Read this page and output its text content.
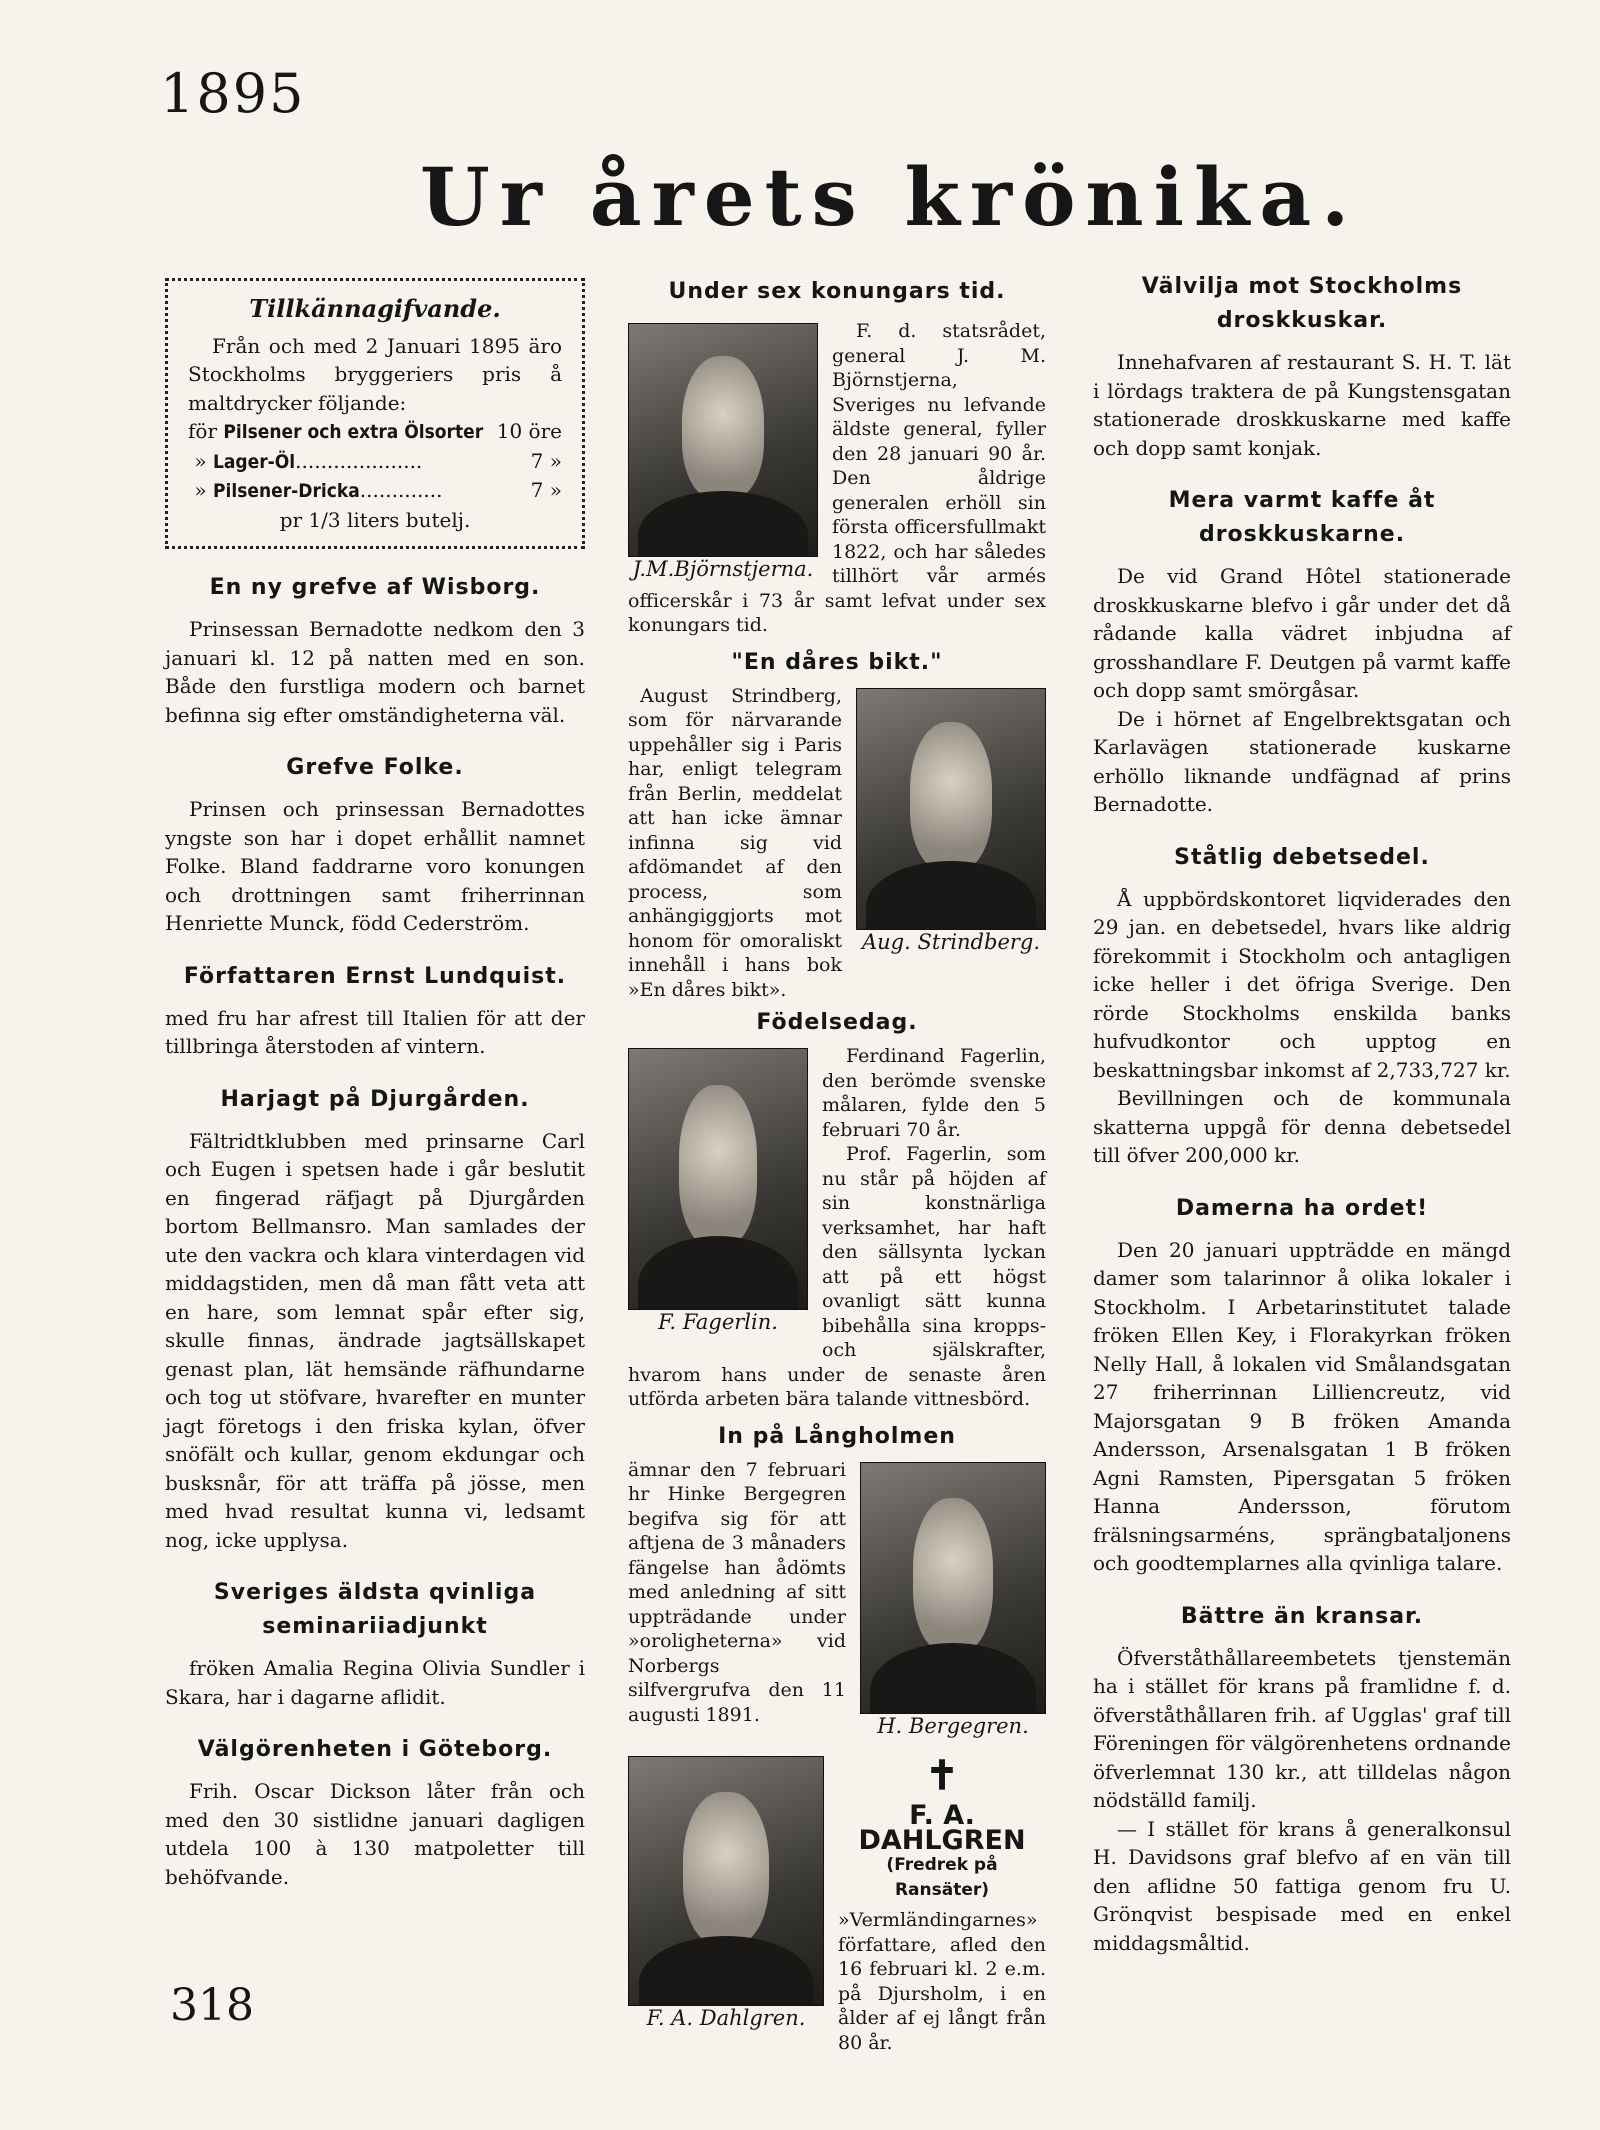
1895
Ur årets krönika.
Tillkännagifvande.
Från och med 2 Januari 1895 äro Stockholms bryggeriers pris å maltdrycker följande:
för Pilsener och extra Ölsorter 10 öre
» Lager-Öl....................	7 »
» Pilsener-Dricka.............	7 »
pr 1/3 liters butelj.
En ny grefve af Wisborg.

Prinsessan Bernadotte nedkom den 3 januari kl. 12 på natten med en son. Både den furstliga modern och barnet befinna sig efter omständigheterna väl.

Grefve Folke.

Prinsen och prinsessan Bernadottes yngste son har i dopet erhållit namnet Folke. Bland faddrarne voro konungen och drottningen samt friherrinnan Henriette Munck, född Cederström.

Författaren Ernst Lundquist.

med fru har afrest till Italien för att der tillbringa återstoden af vintern.

Harjagt på Djurgården.

Fältridtklubben med prinsarne Carl och Eugen i spetsen hade i går beslutit en fingerad räfjagt på Djurgården bortom Bellmansro. Man samlades der ute den vackra och klara vinterdagen vid middagstiden, men då man fått veta att en hare, som lemnat spår efter sig, skulle finnas, ändrade jagtsällskapet genast plan, lät hemsände räfhundarne och tog ut stöfvare, hvarefter en munter jagt företogs i den friska kylan, öfver snöfält och kullar, genom ekdungar och busksnår, för att träffa på jösse, men med hvad resultat kunna vi, ledsamt nog, icke upplysa.

Sveriges äldsta qvinliga seminariiadjunkt

fröken Amalia Regina Olivia Sundler i Skara, har i dagarne aflidit.

Välgörenheten i Göteborg.

Frih. Oscar Dickson låter från och med den 30 sistlidne januari dagligen utdela 100 à 130 matpoletter till behöfvande.

Under sex konungars tid.
J.M.Björnstjerna.

F. d. statsrådet, general J. M. Björnstjerna, Sveriges nu lefvande äldste general, fyller den 28 januari 90 år. Den åldrige generalen erhöll sin första officersfullmakt 1822, och har således tillhört vår armés officerskår i 73 år samt lefvat under sex konungars tid.

"En dåres bikt."
Aug. Strindberg.

August Strindberg, som för närvarande uppehåller sig i Paris har, enligt telegram från Berlin, meddelat att han icke ämnar infinna sig vid afdömandet af den process, som anhängiggjorts mot honom för omoraliskt innehåll i hans bok »En dåres bikt».

Födelsedag.
F. Fagerlin.

Ferdinand Fagerlin, den berömde svenske målaren, fylde den 5 februari 70 år.

Prof. Fagerlin, som nu står på höjden af sin konstnärliga verksamhet, har haft den sällsynta lyckan att på ett högst ovanligt sätt kunna bibehålla sina kropps- och själskrafter, hvarom hans under de senaste åren utförda arbeten bära talande vittnesbörd.

In på Långholmen
H. Bergegren.

ämnar den 7 februari hr Hinke Bergegren begifva sig för att aftjena de 3 månaders fängelse han ådömts med anledning af sitt uppträdande under »oroligheterna» vid Norbergs silfvergrufva den 11 augusti 1891.

F. A. Dahlgren.
✝
F. A. DAHLGREN
(Fredrek på Ransäter)

»Vermländingarnes» författare, afled den 16 februari kl. 2 e.m. på Djursholm, i en ålder af ej långt från 80 år.

Välvilja mot Stockholms droskkuskar.

Innehafvaren af restaurant S. H. T. lät i lördags traktera de på Kungstensgatan stationerade droskkuskarne med kaffe och dopp samt konjak.

Mera varmt kaffe åt droskkuskarne.

De vid Grand Hôtel stationerade droskkuskarne blefvo i går under det då rådande kalla vädret inbjudna af grosshandlare F. Deutgen på varmt kaffe och dopp samt smörgåsar.

De i hörnet af Engelbrektsgatan och Karlavägen stationerade kuskarne erhöllo liknande undfägnad af prins Bernadotte.

Ståtlig debetsedel.

Å uppbördskontoret liqviderades den 29 jan. en debetsedel, hvars like aldrig förekommit i Stockholm och antagligen icke heller i det öfriga Sverige. Den rörde Stockholms enskilda banks hufvudkontor och upptog en beskattningsbar inkomst af 2,733,727 kr.

Bevillningen och de kommunala skatterna uppgå för denna debetsedel till öfver 200,000 kr.

Damerna ha ordet!

Den 20 januari uppträdde en mängd damer som talarinnor å olika lokaler i Stockholm. I Arbetarinstitutet talade fröken Ellen Key, i Florakyrkan fröken Nelly Hall, å lokalen vid Smålandsgatan 27 friherrinnan Lilliencreutz, vid Majorsgatan 9 B fröken Amanda Andersson, Arsenalsgatan 1 B fröken Agni Ramsten, Pipersgatan 5 fröken Hanna Andersson, förutom frälsningsarméns, sprängbataljonens och goodtemplarnes alla qvinliga talare.

Bättre än kransar.

Öfverståthållareembetets tjenstemän ha i stället för krans på framlidne f. d. öfverståthållaren frih. af Ugglas' graf till Föreningen för välgörenhetens ordnande öfverlemnat 130 kr., att tilldelas någon nödställd familj.

— I stället för krans å generalkonsul H. Davidsons graf blefvo af en vän till den aflidne 50 fattiga genom fru U. Grönqvist bespisade med en enkel middagsmåltid.

318
